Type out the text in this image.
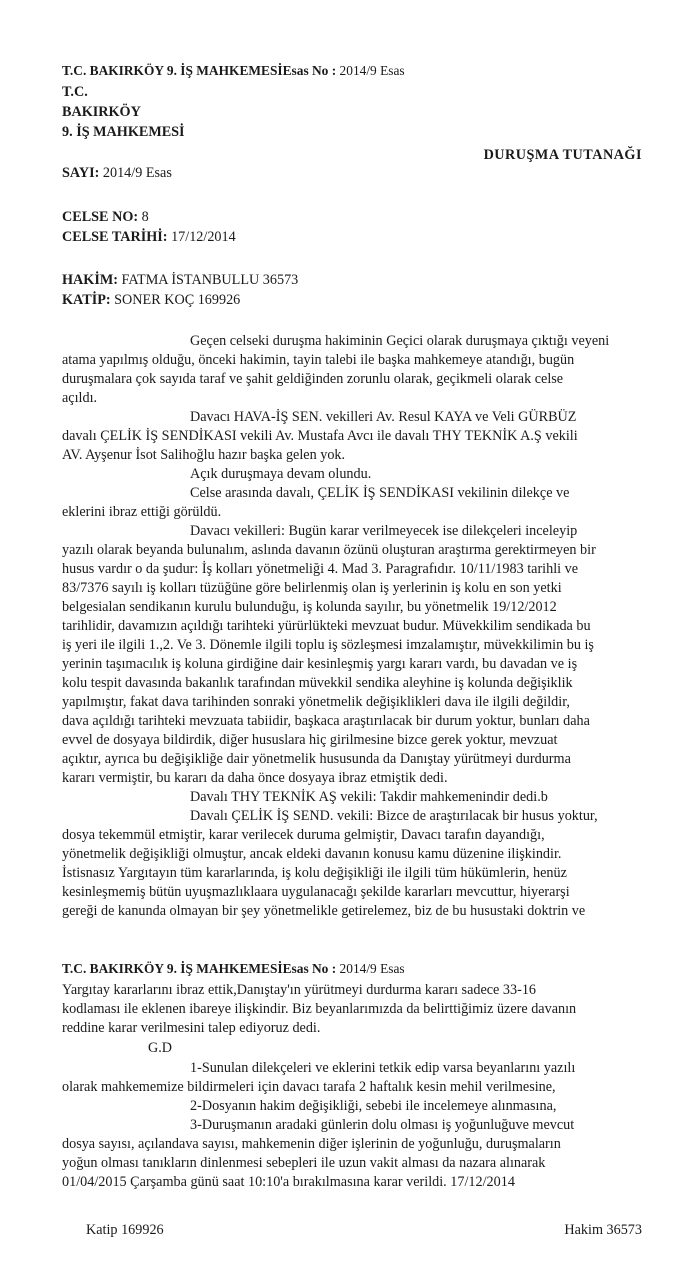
T.C. BAKIRKÖY 9. İŞ MAHKEMESİEsas No : 2014/9 Esas
T.C.
BAKIRKÖY
9. İŞ MAHKEMESİ
DURUŞMA TUTANAĞI
SAYI: 2014/9 Esas
CELSE NO: 8
CELSE TARİHİ: 17/12/2014
HAKİM: FATMA İSTANBULLU 36573
KATİP: SONER KOÇ 169926
Geçen celseki duruşma hakiminin Geçici olarak duruşmaya çıktığı veyeni
atama yapılmış olduğu, önceki hakimin, tayin talebi ile başka mahkemeye atandığı, bugün
duruşmalara çok sayıda taraf ve şahit geldiğinden zorunlu olarak, geçikmeli olarak celse
açıldı.
Davacı HAVA-İŞ SEN. vekilleri Av. Resul KAYA ve Veli GÜRBÜZ
davalı ÇELİK İŞ SENDİKASI vekili Av. Mustafa Avcı ile davalı THY TEKNİK A.Ş vekili
AV. Ayşenur İsot Salihoğlu hazır başka gelen yok.
Açık duruşmaya devam olundu.
Celse arasında davalı, ÇELİK İŞ SENDİKASI vekilinin dilekçe ve
eklerini ibraz ettiği görüldü.
Davacı vekilleri: Bugün karar verilmeyecek ise dilekçeleri inceleyip
yazılı olarak beyanda bulunalım, aslında davanın özünü oluşturan araştırma gerektirmeyen bir
husus vardır o da şudur: İş kolları yönetmeliği 4. Mad 3. Paragrafıdır. 10/11/1983 tarihli ve
83/7376 sayılı iş kolları tüzüğüne göre belirlenmiş olan iş yerlerinin iş kolu en son yetki
belgesialan sendikanın kurulu bulunduğu, iş kolunda sayılır, bu yönetmelik 19/12/2012
tarihlidir, davamızın açıldığı tarihteki yürürlükteki mevzuat budur. Müvekkilim sendikada bu
iş yeri ile ilgili 1.,2. Ve 3. Dönemle ilgili toplu iş sözleşmesi imzalamıştır, müvekkilimin bu iş
yerinin taşımacılık iş koluna girdiğine dair kesinleşmiş yargı kararı vardı, bu davadan ve iş
kolu tespit davasında bakanlık tarafından müvekkil sendika aleyhine iş kolunda değişiklik
yapılmıştır, fakat dava tarihinden sonraki yönetmelik değişiklikleri dava ile ilgili değildir,
dava açıldığı tarihteki mevzuata tabiidir, başkaca araştırılacak bir durum yoktur, bunları daha
evvel de dosyaya bildirdik, diğer hususlara hiç girilmesine bizce gerek yoktur, mevzuat
açıktır, ayrıca bu değişikliğe dair yönetmelik hususunda da Danıştay yürütmeyi durdurma
kararı vermiştir, bu kararı da daha önce dosyaya ibraz etmiştik dedi.
Davalı THY TEKNİK AŞ vekili: Takdir mahkemenindir dedi.b
Davalı ÇELİK İŞ SEND. vekili: Bizce de araştırılacak bir husus yoktur,
dosya tekemmül etmiştir, karar verilecek duruma gelmiştir, Davacı tarafın dayandığı,
yönetmelik değişikliği olmuştur, ancak eldeki davanın konusu kamu düzenine ilişkindir.
İstisnasız Yargıtayın tüm kararlarında, iş kolu değişikliği ile ilgili tüm hükümlerin, henüz
kesinleşmemiş bütün uyuşmazlıklaara uygulanacağı şekilde kararları mevcuttur, hiyerarşi
gereği de kanunda olmayan bir şey yönetmelikle getirelemez, biz de bu husustaki doktrin ve
T.C. BAKIRKÖY 9. İŞ MAHKEMESİEsas No : 2014/9 Esas
Yargıtay kararlarını ibraz ettik,Danıştay'ın yürütmeyi durdurma kararı sadece 33-16
kodlaması ile eklenen ibareye ilişkindir. Biz beyanlarımızda da belirttiğimiz üzere davanın
reddine karar verilmesini talep ediyoruz dedi.
G.D
1-Sunulan dilekçeleri ve eklerini tetkik edip varsa beyanlarını yazılı
olarak mahkememize bildirmeleri için davacı tarafa 2 haftalık kesin mehil verilmesine,
2-Dosyanın hakim değişikliği, sebebi ile incelemeye alınmasına,
3-Duruşmanın aradaki günlerin dolu olması iş yoğunluğuve mevcut
dosya sayısı, açılandava sayısı, mahkemenin diğer işlerinin de yoğunluğu, duruşmaların
yoğun olması tanıkların dinlenmesi sebepleri ile uzun vakit alması da nazara alınarak
01/04/2015 Çarşamba günü saat 10:10'a bırakılmasına karar verildi. 17/12/2014
Katip 169926	Hakim 36573
